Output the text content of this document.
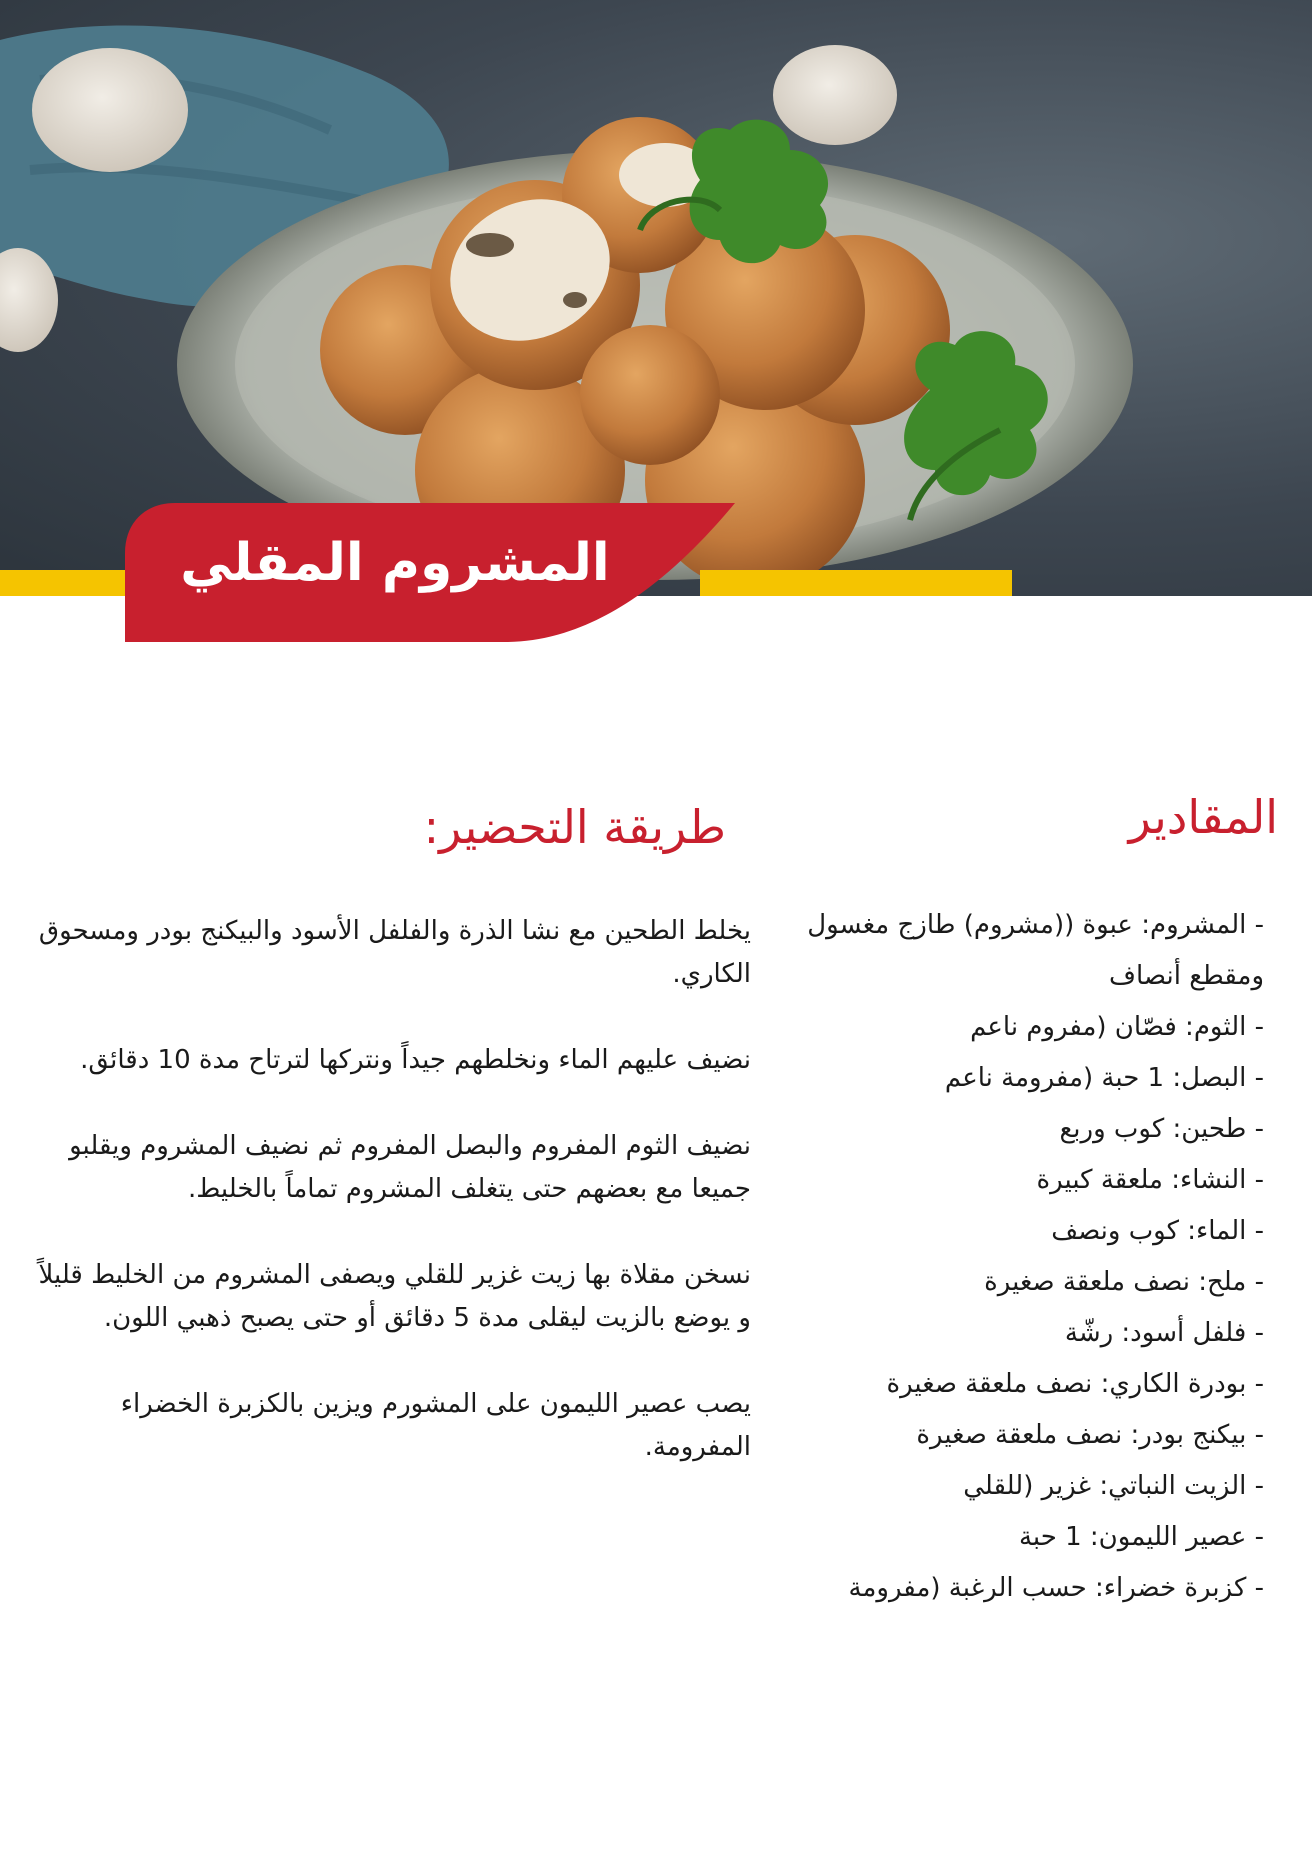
المشروم المقلي
المقادير
- المشروم: عبوة ((مشروم) طازج مغسول ومقطع أنصاف
- الثوم: فصّان (مفروم ناعم
- البصل: 1 حبة (مفرومة ناعم
- طحين: كوب وربع
- النشاء: ملعقة كبيرة
- الماء: كوب ونصف
- ملح: نصف ملعقة صغيرة
- فلفل أسود: رشّة
- بودرة الكاري: نصف ملعقة صغيرة
- بيكنج بودر: نصف ملعقة صغيرة
- الزيت النباتي: غزير (للقلي
- عصير الليمون: 1 حبة
- كزبرة خضراء: حسب الرغبة (مفرومة
طريقة التحضير:

يخلط الطحين مع نشا الذرة والفلفل الأسود والبيكنج بودر ومسحوق الكاري.

نضيف عليهم الماء ونخلطهم جيداً ونتركها لترتاح مدة 10 دقائق.

نضيف الثوم المفروم والبصل المفروم ثم نضيف المشروم ويقلبو جميعا مع بعضهم حتى يتغلف المشروم تماماً بالخليط.

نسخن مقلاة بها زيت غزير للقلي ويصفى المشروم من الخليط قليلاً و يوضع بالزيت ليقلى مدة 5 دقائق أو حتى يصبح ذهبي اللون.

يصب عصير الليمون على المشورم ويزين بالكزبرة الخضراء المفرومة.
